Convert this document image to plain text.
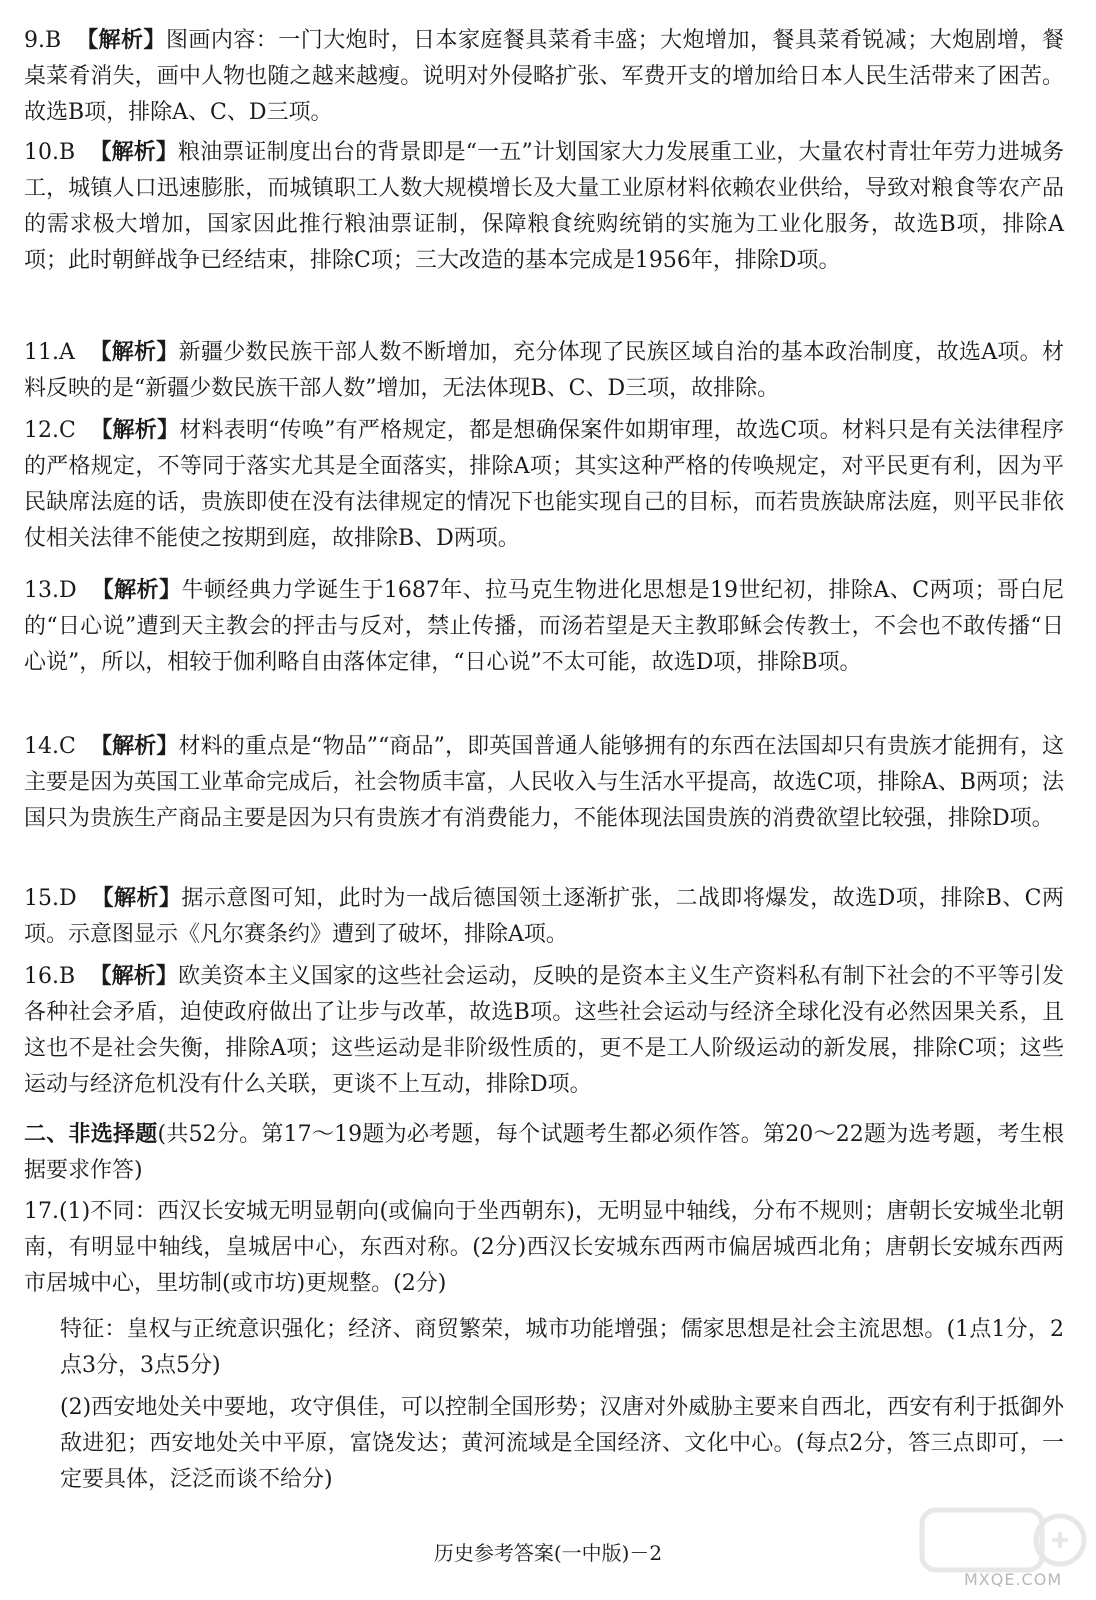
9.B 【解析】图画内容：一门大炮时，日本家庭餐具菜肴丰盛；大炮增加，餐具菜肴锐减；大炮剧增，餐桌菜肴消失，画中人物也随之越来越瘦。说明对外侵略扩张、军费开支的增加给日本人民生活带来了困苦。故选B项，排除A、C、D三项。
10.B 【解析】粮油票证制度出台的背景即是“一五”计划国家大力发展重工业，大量农村青壮年劳力进城务工，城镇人口迅速膨胀，而城镇职工人数大规模增长及大量工业原材料依赖农业供给，导致对粮食等农产品的需求极大增加，国家因此推行粮油票证制，保障粮食统购统销的实施为工业化服务，故选B项，排除A项；此时朝鲜战争已经结束，排除C项；三大改造的基本完成是1956年，排除D项。
11.A 【解析】新疆少数民族干部人数不断增加，充分体现了民族区域自治的基本政治制度，故选A项。材料反映的是“新疆少数民族干部人数”增加，无法体现B、C、D三项，故排除。
12.C 【解析】材料表明“传唤”有严格规定，都是想确保案件如期审理，故选C项。材料只是有关法律程序的严格规定，不等同于落实尤其是全面落实，排除A项；其实这种严格的传唤规定，对平民更有利，因为平民缺席法庭的话，贵族即使在没有法律规定的情况下也能实现自己的目标，而若贵族缺席法庭，则平民非依仗相关法律不能使之按期到庭，故排除B、D两项。
13.D 【解析】牛顿经典力学诞生于1687年、拉马克生物进化思想是19世纪初，排除A、C两项；哥白尼的“日心说”遭到天主教会的抨击与反对，禁止传播，而汤若望是天主教耶稣会传教士，不会也不敢传播“日心说”，所以，相较于伽利略自由落体定律，“日心说”不太可能，故选D项，排除B项。
14.C 【解析】材料的重点是“物品”“商品”，即英国普通人能够拥有的东西在法国却只有贵族才能拥有，这主要是因为英国工业革命完成后，社会物质丰富，人民收入与生活水平提高，故选C项，排除A、B两项；法国只为贵族生产商品主要是因为只有贵族才有消费能力，不能体现法国贵族的消费欲望比较强，排除D项。
15.D 【解析】据示意图可知，此时为一战后德国领土逐渐扩张，二战即将爆发，故选D项，排除B、C两项。示意图显示《凡尔赛条约》遭到了破坏，排除A项。
16.B 【解析】欧美资本主义国家的这些社会运动，反映的是资本主义生产资料私有制下社会的不平等引发各种社会矛盾，迫使政府做出了让步与改革，故选B项。这些社会运动与经济全球化没有必然因果关系，且这也不是社会失衡，排除A项；这些运动是非阶级性质的，更不是工人阶级运动的新发展，排除C项；这些运动与经济危机没有什么关联，更谈不上互动，排除D项。
二、非选择题(共52分。第17～19题为必考题，每个试题考生都必须作答。第20～22题为选考题，考生根据要求作答)
17.(1)不同：西汉长安城无明显朝向(或偏向于坐西朝东)，无明显中轴线，分布不规则；唐朝长安城坐北朝南，有明显中轴线，皇城居中心，东西对称。(2分)西汉长安城东西两市偏居城西北角；唐朝长安城东西两市居城中心，里坊制(或市坊)更规整。(2分)
特征：皇权与正统意识强化；经济、商贸繁荣，城市功能增强；儒家思想是社会主流思想。(1点1分，2点3分，3点5分)
(2)西安地处关中要地，攻守俱佳，可以控制全国形势；汉唐对外威胁主要来自西北，西安有利于抵御外敌进犯；西安地处关中平原，富饶发达；黄河流域是全国经济、文化中心。(每点2分，答三点即可，一定要具体，泛泛而谈不给分)
历史参考答案(一中版)－2
MXQE.COM
